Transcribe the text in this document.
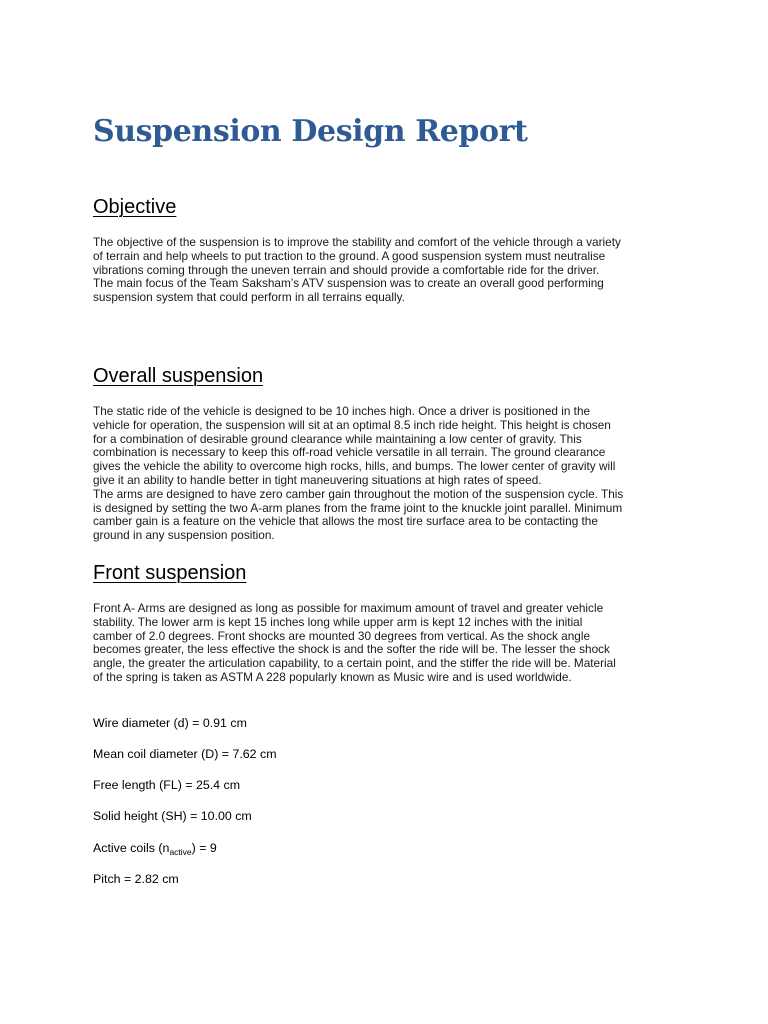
Suspension Design Report
Objective

The objective of the suspension is to improve the stability and comfort of the vehicle through a variety
of terrain and help wheels to put traction to the ground. A good suspension system must neutralise
vibrations coming through the uneven terrain and should provide a comfortable ride for the driver.
The main focus of the Team Saksham’s ATV suspension was to create an overall good performing
suspension system that could perform in all terrains equally.

Overall suspension

The static ride of the vehicle is designed to be 10 inches high. Once a driver is positioned in the
vehicle for operation, the suspension will sit at an optimal 8.5 inch ride height. This height is chosen
for a combination of desirable ground clearance while maintaining a low center of gravity. This
combination is necessary to keep this off-road vehicle versatile in all terrain. The ground clearance
gives the vehicle the ability to overcome high rocks, hills, and bumps. The lower center of gravity will
give it an ability to handle better in tight maneuvering situations at high rates of speed.
The arms are designed to have zero camber gain throughout the motion of the suspension cycle. This
is designed by setting the two A-arm planes from the frame joint to the knuckle joint parallel. Minimum
camber gain is a feature on the vehicle that allows the most tire surface area to be contacting the
ground in any suspension position.

Front suspension

Front A- Arms are designed as long as possible for maximum amount of travel and greater vehicle
stability. The lower arm is kept 15 inches long while upper arm is kept 12 inches with the initial
camber of 2.0 degrees. Front shocks are mounted 30 degrees from vertical. As the shock angle
becomes greater, the less effective the shock is and the softer the ride will be. The lesser the shock
angle, the greater the articulation capability, to a certain point, and the stiffer the ride will be. Material
of the spring is taken as ASTM A 228 popularly known as Music wire and is used worldwide.

Wire diameter (d) = 0.91 cm

Mean coil diameter (D) = 7.62 cm

Free length (FL) = 25.4 cm

Solid height (SH) = 10.00 cm

Active coils $(n_{active}) = 9$

Pitch = 2.82 cm
